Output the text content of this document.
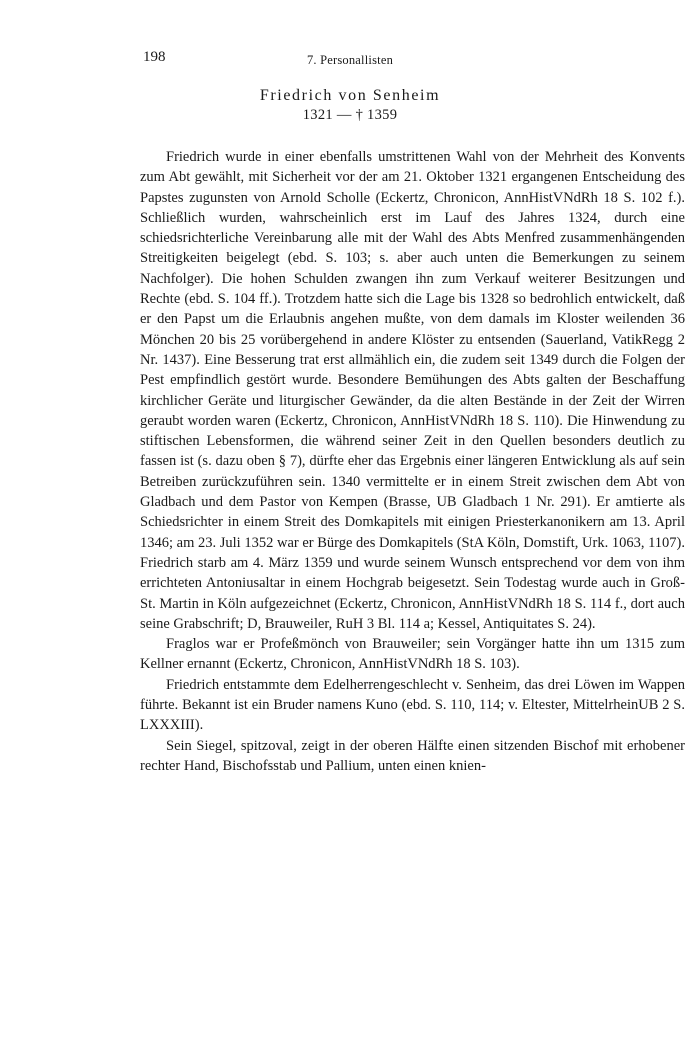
198	7. Personallisten
Friedrich von Senheim
1321 — † 1359

Friedrich wurde in einer ebenfalls umstrittenen Wahl von der Mehrheit des Konvents zum Abt gewählt, mit Sicherheit vor der am 21. Oktober 1321 ergangenen Entscheidung des Papstes zugunsten von Arnold Scholle (Eckertz, Chronicon, AnnHistVNdRh 18 S. 102 f.). Schließlich wurden, wahrscheinlich erst im Lauf des Jahres 1324, durch eine schiedsrichterliche Vereinbarung alle mit der Wahl des Abts Menfred zusammenhängenden Streitigkeiten beigelegt (ebd. S. 103; s. aber auch unten die Bemerkungen zu seinem Nachfolger). Die hohen Schulden zwangen ihn zum Verkauf weiterer Besitzungen und Rechte (ebd. S. 104 ff.). Trotzdem hatte sich die Lage bis 1328 so bedrohlich entwickelt, daß er den Papst um die Erlaubnis angehen mußte, von dem damals im Kloster weilenden 36 Mönchen 20 bis 25 vorübergehend in andere Klöster zu entsenden (Sauerland, VatikRegg 2 Nr. 1437). Eine Besserung trat erst allmählich ein, die zudem seit 1349 durch die Folgen der Pest empfindlich gestört wurde. Besondere Bemühungen des Abts galten der Beschaffung kirchlicher Geräte und liturgischer Gewänder, da die alten Bestände in der Zeit der Wirren geraubt worden waren (Eckertz, Chronicon, AnnHistVNdRh 18 S. 110). Die Hinwendung zu stiftischen Lebensformen, die während seiner Zeit in den Quellen besonders deutlich zu fassen ist (s. dazu oben § 7), dürfte eher das Ergebnis einer längeren Entwicklung als auf sein Betreiben zurückzuführen sein. 1340 vermittelte er in einem Streit zwischen dem Abt von Gladbach und dem Pastor von Kempen (Brasse, UB Gladbach 1 Nr. 291). Er amtierte als Schiedsrichter in einem Streit des Domkapitels mit einigen Priesterkanonikern am 13. April 1346; am 23. Juli 1352 war er Bürge des Domkapitels (StA Köln, Domstift, Urk. 1063, 1107). Friedrich starb am 4. März 1359 und wurde seinem Wunsch entsprechend vor dem von ihm errichteten Antoniusaltar in einem Hochgrab beigesetzt. Sein Todestag wurde auch in Groß-St. Martin in Köln aufgezeichnet (Eckertz, Chronicon, AnnHistVNdRh 18 S. 114 f., dort auch seine Grabschrift; D, Brauweiler, RuH 3 Bl. 114 a; Kessel, Antiquitates S. 24).

Fraglos war er Profeßmönch von Brauweiler; sein Vorgänger hatte ihn um 1315 zum Kellner ernannt (Eckertz, Chronicon, AnnHistVNdRh 18 S. 103).

Friedrich entstammte dem Edelherrengeschlecht v. Senheim, das drei Löwen im Wappen führte. Bekannt ist ein Bruder namens Kuno (ebd. S. 110, 114; v. Eltester, MittelrheinUB 2 S. LXXXIII).

Sein Siegel, spitzoval, zeigt in der oberen Hälfte einen sitzenden Bischof mit erhobener rechter Hand, Bischofsstab und Pallium, unten einen knien-
